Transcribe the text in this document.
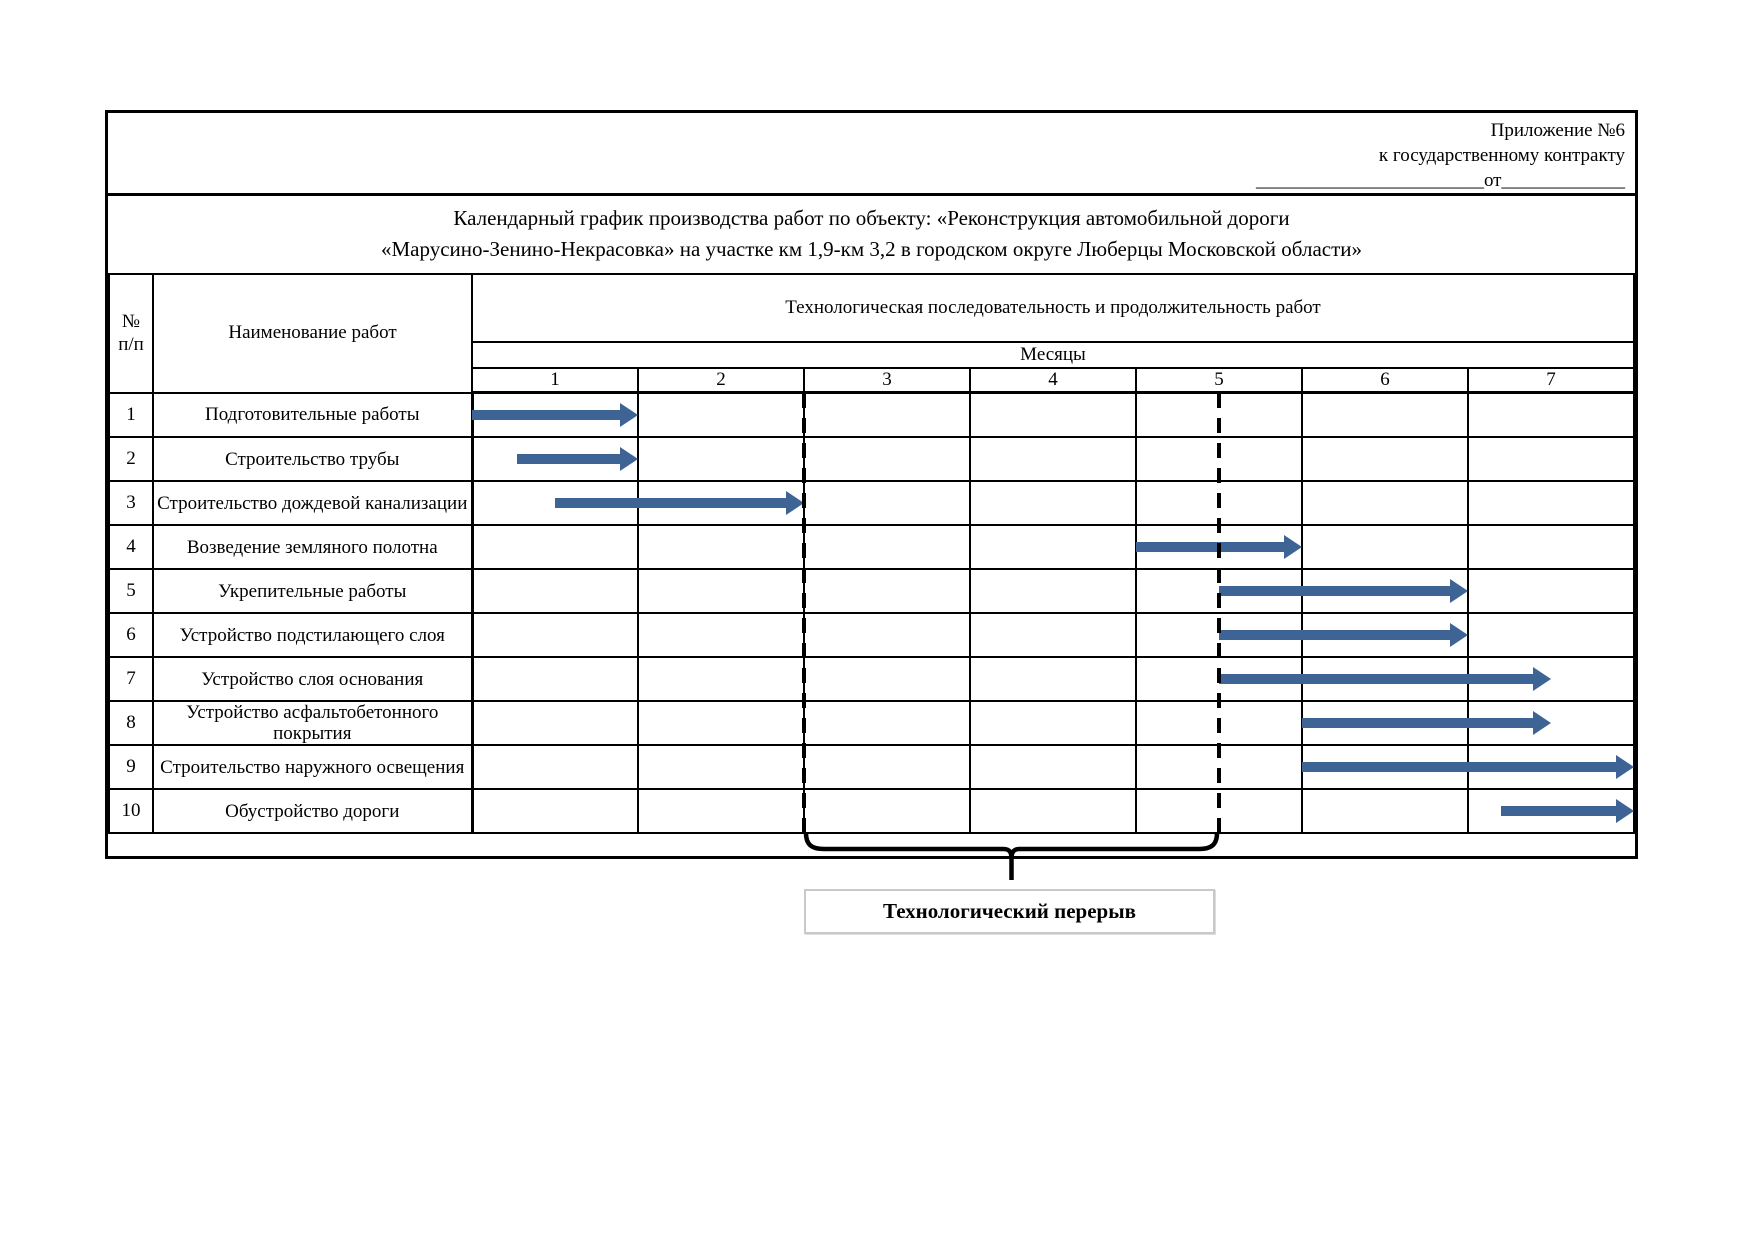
Приложение №6
к государственному контракту
________________________от_____________
Календарный график производства работ по объекту: «Реконструкция автомобильной дороги
«Марусино-Зенино-Некрасовка» на участке км 1,9-км 3,2 в городском округе Люберцы Московской области»
№
п/п	Наименование работ	Технологическая последовательность и продолжительность работ						
		Месяцы						
		1	2	3	4	5	6	7
1	Подготовительные работы							
2	Строительство трубы							
3	Строительство дождевой канализации							
4	Возведение земляного полотна							
5	Укрепительные работы							
6	Устройство подстилающего слоя							
7	Устройство слоя основания							
8	Устройство асфальтобетонного покрытия							
9	Строительство наружного освещения							
10	Обустройство дороги							
Технологический перерыв
